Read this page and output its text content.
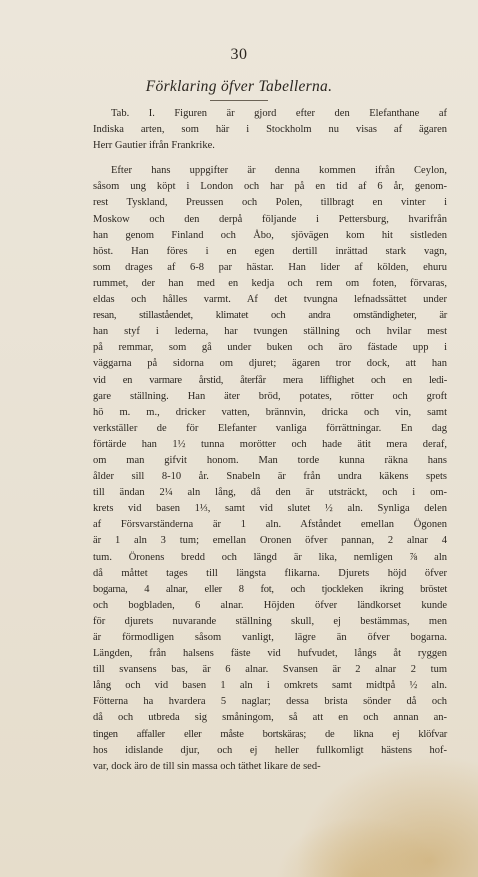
30
Förklaring öfver Tabellerna.

Tab. I. Figuren är gjord efter den Elefanthane af
Indiska arten, som här i Stockholm nu visas af ägaren
Herr Gautier ifrån Frankrike.

Efter hans uppgifter är denna kommen ifrån Ceylon,
såsom ung köpt i London och har på en tid af 6 år, genom-
rest Tyskland, Preussen och Polen, tillbragt en vinter i
Moskow och den derpå följande i Pettersburg, hvarifrån
han genom Finland och Åbo, sjövägen kom hit sistleden
höst. Han föres i en egen dertill inrättad stark vagn,
som drages af 6-8 par hästar. Han lider af kölden, ehuru
rummet, der han med en kedja och rem om foten, förvaras,
eldas och hålles varmt. Af det tvungna lefnadssättet under
resan, stillaståendet, klimatet och andra omständigheter, är
han styf i lederna, har tvungen ställning och hvilar mest
på remmar, som gå under buken och äro fästade upp i
väggarna på sidorna om djuret; ägaren tror dock, att han
vid en varmare årstid, återfår mera lifflighet och en ledi-
gare ställning. Han äter bröd, potates, rötter och groft
hö m. m., dricker vatten, brännvin, dricka och vin, samt
verkställer de för Elefanter vanliga förrättningar. En dag
förtärde han 1½ tunna morötter och hade ätit mera deraf,
om man gifvit honom. Man torde kunna räkna hans
ålder sill 8-10 år. Snabeln är från undra käkens spets
till ändan 2¼ aln lång, då den är utsträckt, och i om-
krets vid basen 1⅓, samt vid slutet ½ aln. Synliga delen
af Försvarständerna är 1 aln. Afståndet emellan Ögonen
är 1 aln 3 tum; emellan Oronen öfver pannan, 2 alnar 4
tum. Öronens bredd och längd är lika, nemligen ⅞ aln
då måttet tages till längsta flikarna. Djurets höjd öfver
bogarna, 4 alnar, eller 8 fot, och tjockleken ikring bröstet
och bogbladen, 6 alnar. Höjden öfver ländkorset kunde
för djurets nuvarande ställning skull, ej bestämmas, men
är förmodligen såsom vanligt, lägre än öfver bogarna.
Längden, från halsens fäste vid hufvudet, långs åt ryggen
till svansens bas, är 6 alnar. Svansen är 2 alnar 2 tum
lång och vid basen 1 aln i omkrets samt midtpå ½ aln.
Fötterna ha hvardera 5 naglar; dessa brista sönder då och
då och utbreda sig småningom, så att en och annan an-
tingen affaller eller måste bortskäras; de likna ej klöfvar
hos idislande djur, och ej heller fullkomligt hästens hof-
var, dock äro de till sin massa och täthet likare de sed-
